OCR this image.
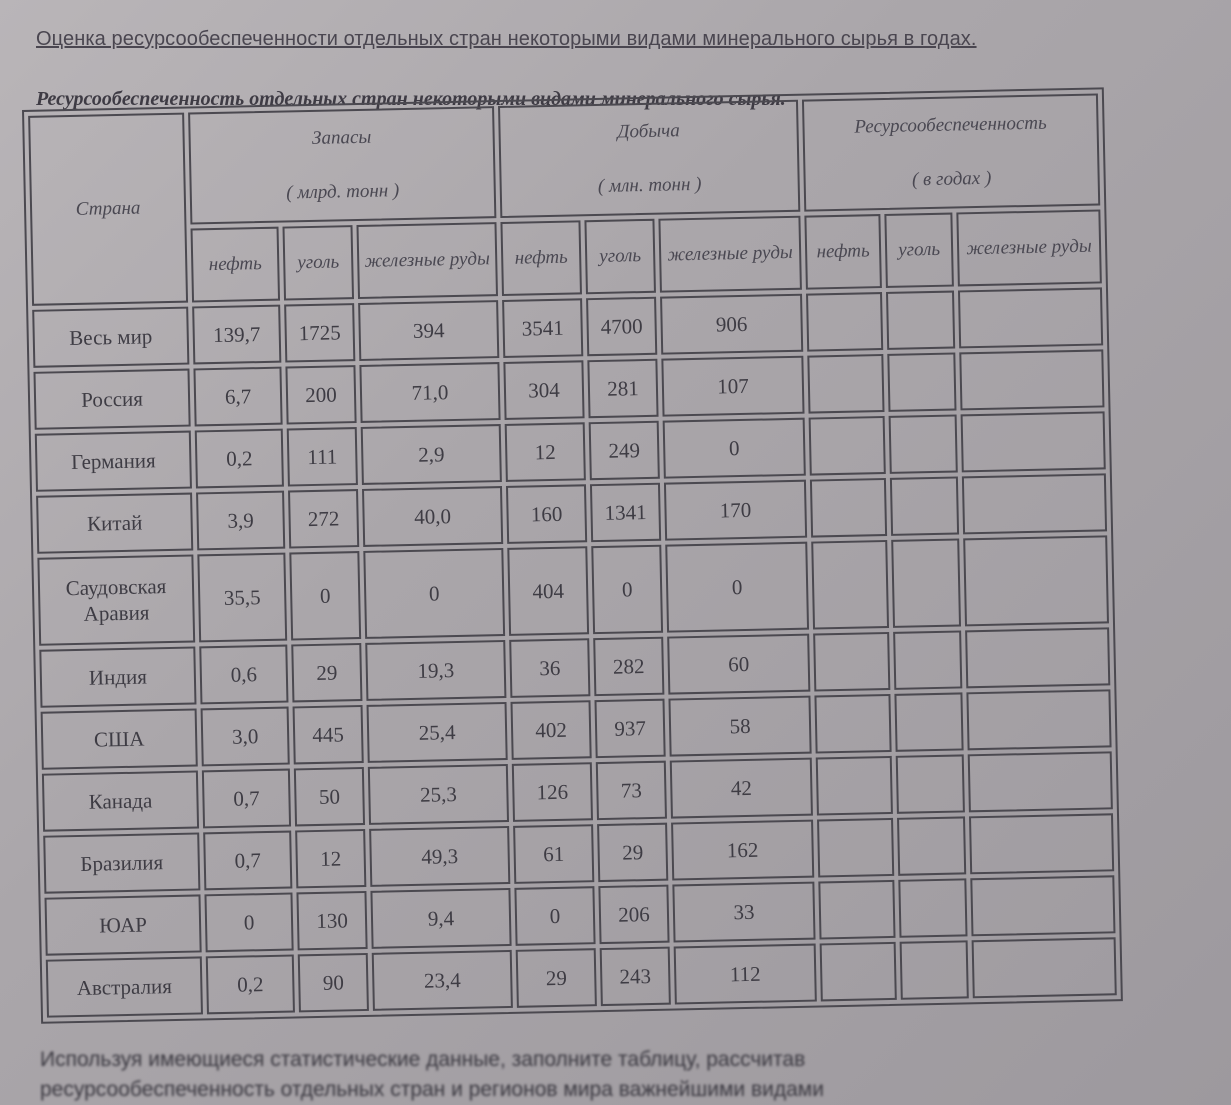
Оценка ресурсообеспеченности отдельных стран некоторыми видами минерального сырья в годах.
Ресурсообеспеченность отдельных стран некоторыми видами минерального сырья.
Страна	Запасы
( млрд. тонн )			Добыча
( млн. тонн )			Ресурсообеспеченность
( в годах )		

	нефть	уголь	железные руды	нефть	уголь	железные руды	нефть	уголь	железные руды
Весь мир	139,7	1725	394	3541	4700	906			
Россия	6,7	200	71,0	304	281	107			
Германия	0,2	111	2,9	12	249	0			
Китай	3,9	272	40,0	160	1341	170			
Саудовская Аравия	35,5	0	0	404	0	0			
Индия	0,6	29	19,3	36	282	60			
США	3,0	445	25,4	402	937	58			
Канада	0,7	50	25,3	126	73	42			
Бразилия	0,7	12	49,3	61	29	162			
ЮАР	0	130	9,4	0	206	33			
Австралия	0,2	90	23,4	29	243	112			
Используя имеющиеся статистические данные, заполните таблицу, рассчитав
ресурсообеспеченность отдельных стран и регионов мира важнейшими видами
